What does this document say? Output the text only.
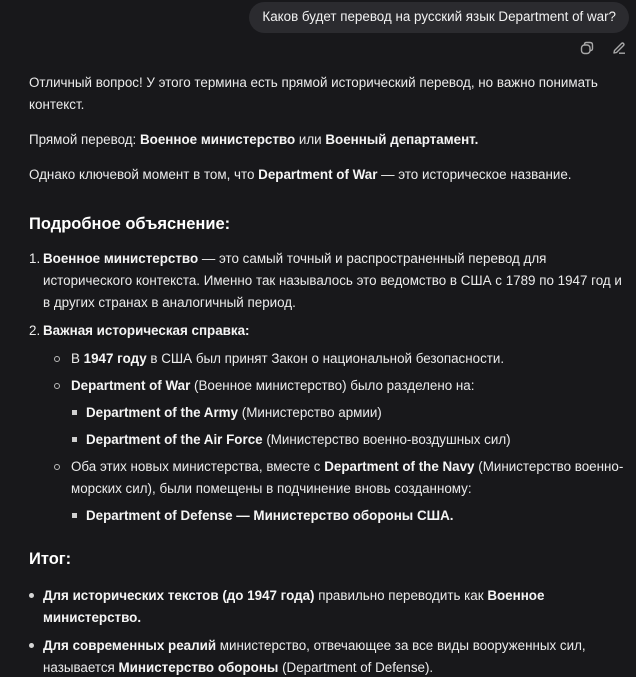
Каков будет перевод на русский язык Department of war?

Отличный вопрос! У этого термина есть прямой исторический перевод, но важно понимать контекст.

Прямой перевод: Военное министерство или Военный департамент.

Однако ключевой момент в том, что Department of War — это историческое название.

Подробное объяснение:
1. Военное министерство — это самый точный и распространенный перевод для исторического контекста. Именно так называлось это ведомство в США с 1789 по 1947 год и в других странах в аналогичный период.
2. Важная историческая справка:
В 1947 году в США был принят Закон о национальной безопасности.
Department of War (Военное министерство) было разделено на:
Department of the Army (Министерство армии)
Department of the Air Force (Министерство военно-воздушных сил)
Оба этих новых министерства, вместе с Department of the Navy (Министерство военно-морских сил), были помещены в подчинение вновь созданному:
Department of Defense — Министерство обороны США.
Итог:
Для исторических текстов (до 1947 года) правильно переводить как Военное министерство.
Для современных реалий министерство, отвечающее за все виды вооруженных сил, называется Министерство обороны (Department of Defense).
